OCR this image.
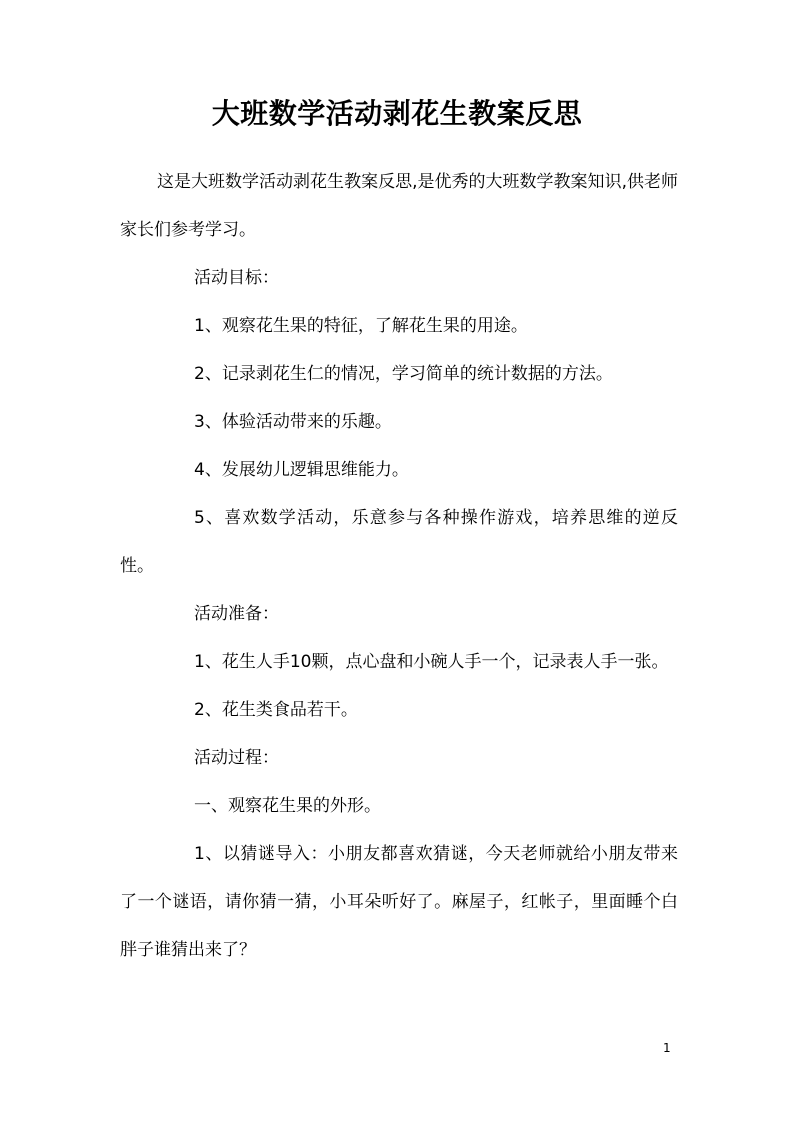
大班数学活动剥花生教案反思

这是大班数学活动剥花生教案反思,是优秀的大班数学教案知识,供老师家长们参考学习。

活动目标：

1、观察花生果的特征，了解花生果的用途。

2、记录剥花生仁的情况，学习简单的统计数据的方法。

3、体验活动带来的乐趣。

4、发展幼儿逻辑思维能力。

5、喜欢数学活动，乐意参与各种操作游戏，培养思维的逆反性。

活动准备：

1、花生人手10颗，点心盘和小碗人手一个，记录表人手一张。

2、花生类食品若干。

活动过程：

一、观察花生果的外形。

1、以猜谜导入：小朋友都喜欢猜谜，今天老师就给小朋友带来了一个谜语，请你猜一猜，小耳朵听好了。麻屋子，红帐子，里面睡个白胖子谁猜出来了？

1
